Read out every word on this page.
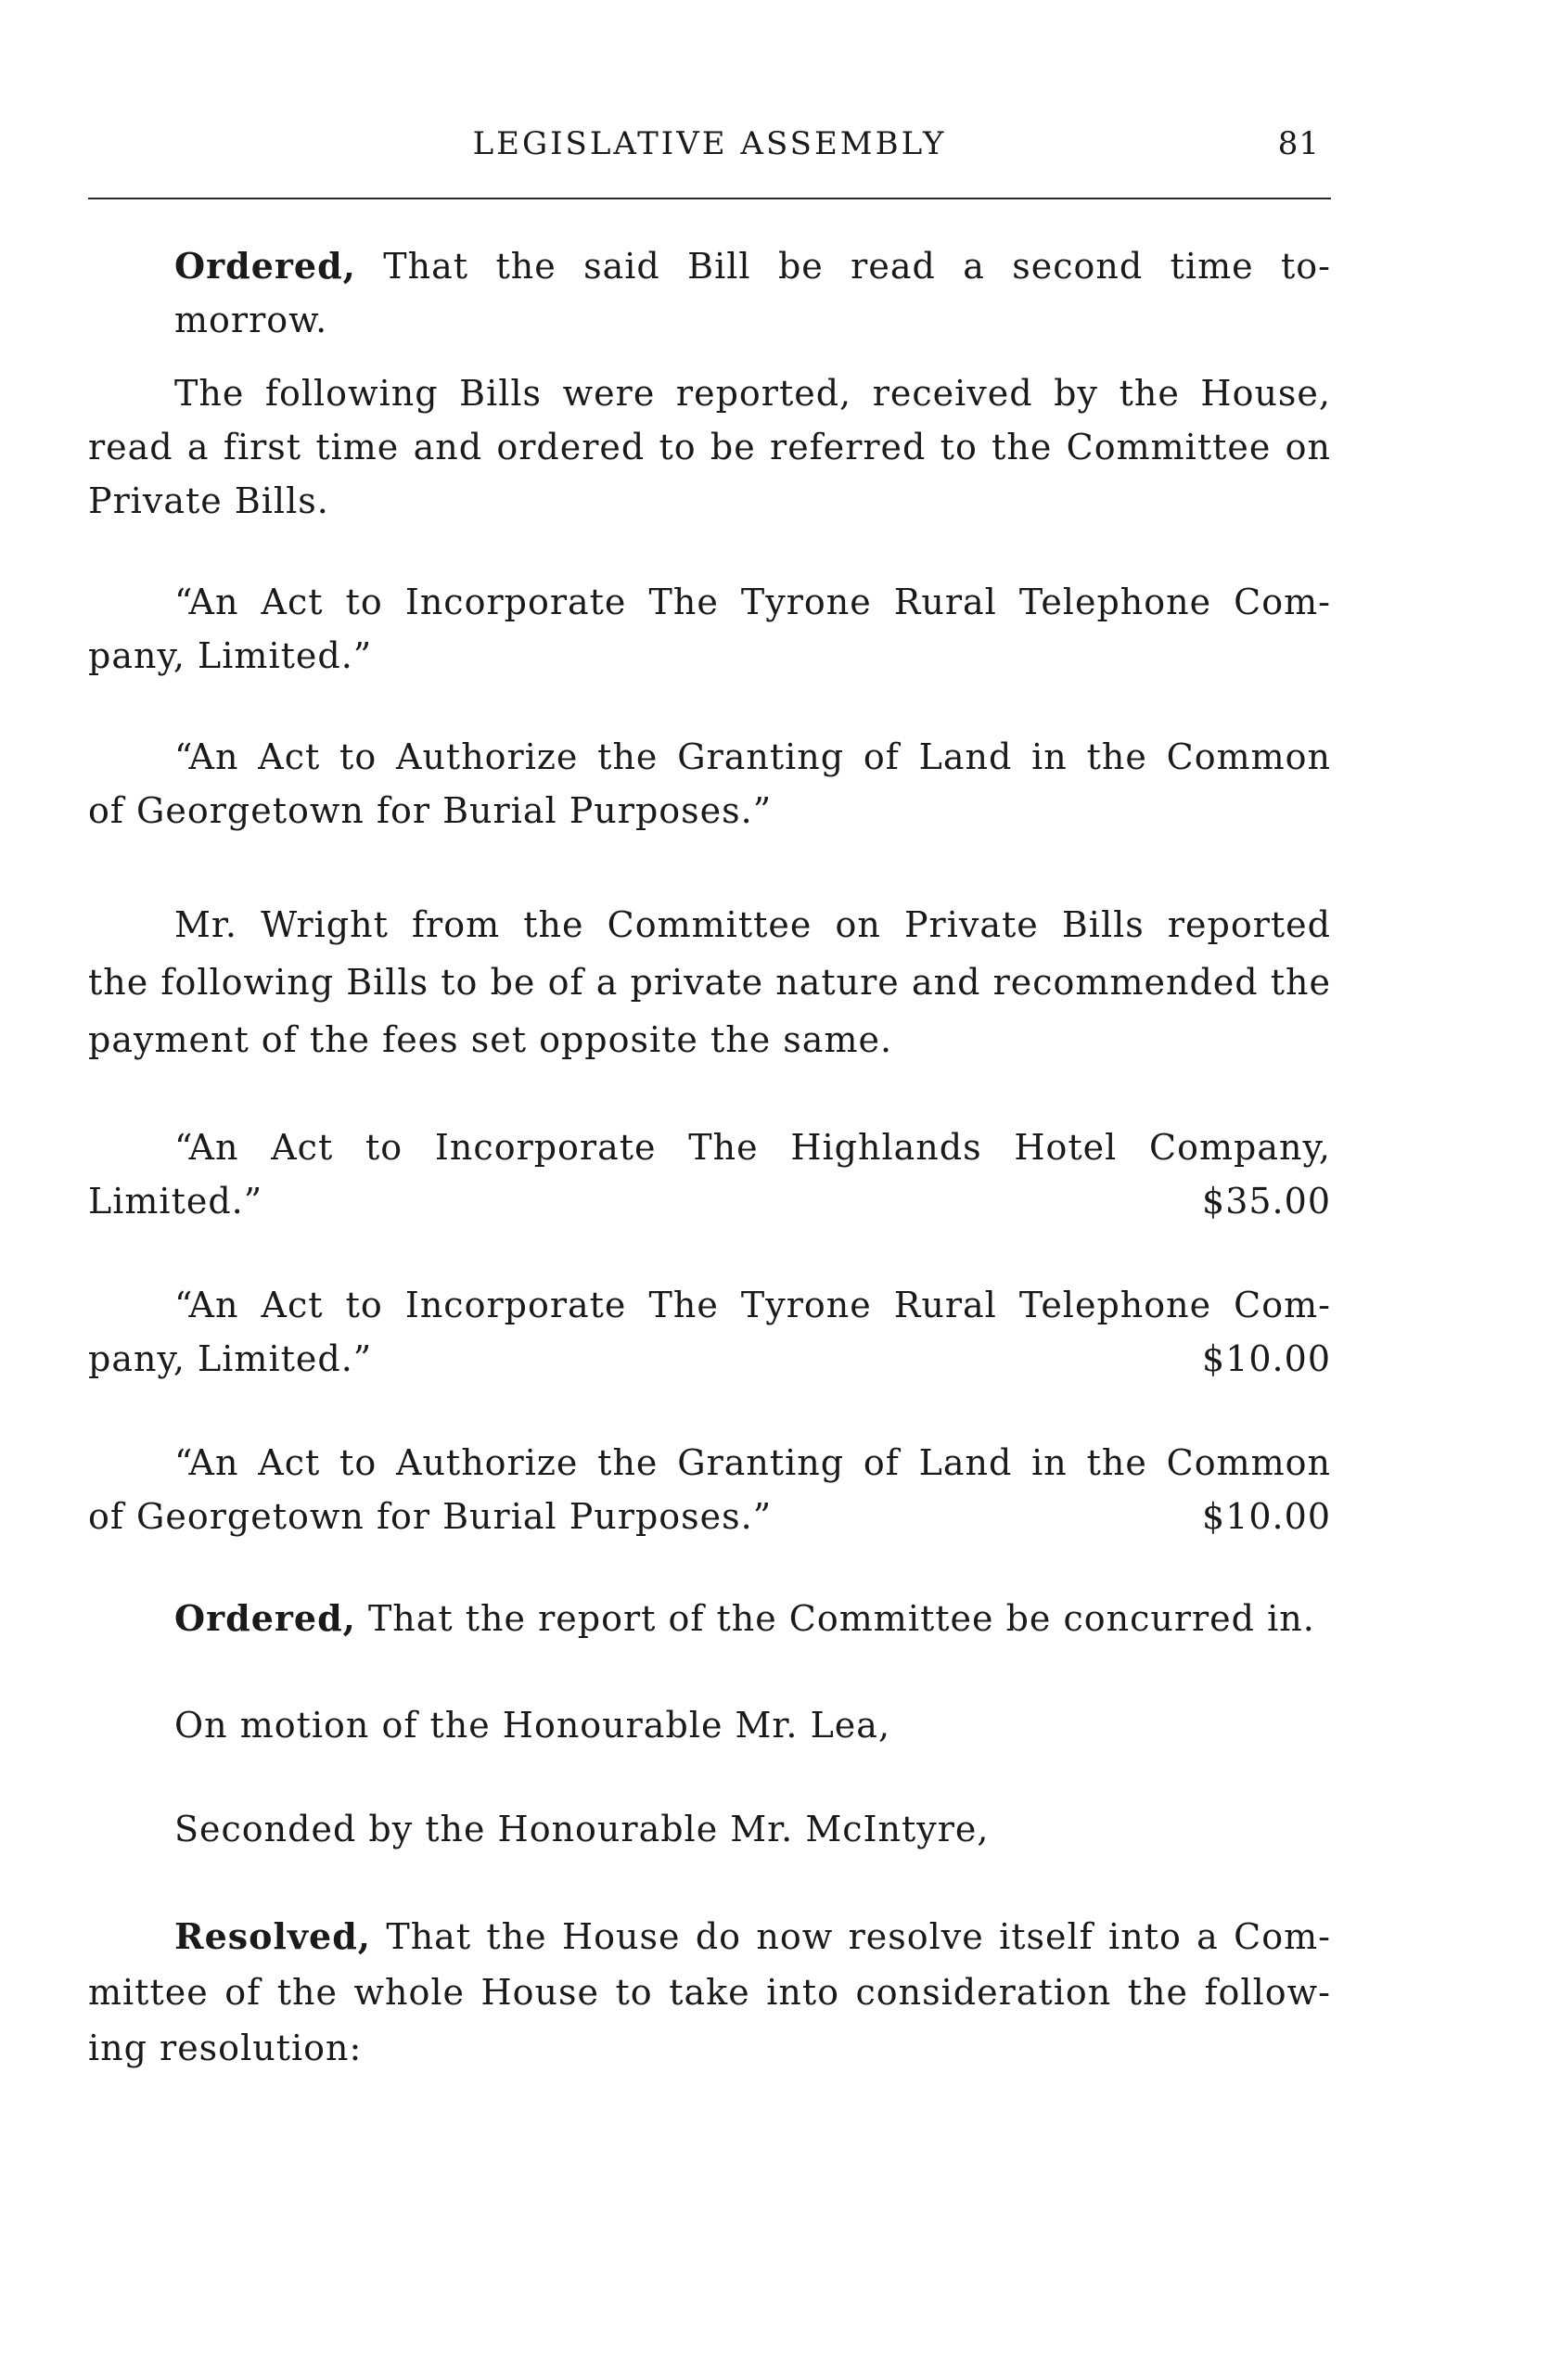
LEGISLATIVE ASSEMBLY	81
Ordered, That the said Bill be read a second time to-morrow.
The following Bills were reported, received by the House,
read a first time and ordered to be referred to the Committee on
Private Bills.
“An Act to Incorporate The Tyrone Rural Telephone Com-
pany, Limited.”
“An Act to Authorize the Granting of Land in the Common
of Georgetown for Burial Purposes.”
Mr. Wright from the Committee on Private Bills reported
the following Bills to be of a private nature and recommended the
payment of the fees set opposite the same.
“An Act to Incorporate The Highlands Hotel Company,
Limited.”	$35.00
“An Act to Incorporate The Tyrone Rural Telephone Com-
pany, Limited.”	$10.00
“An Act to Authorize the Granting of Land in the Common
of Georgetown for Burial Purposes.”	$10.00
Ordered, That the report of the Committee be concurred in.
On motion of the Honourable Mr. Lea,
Seconded by the Honourable Mr. McIntyre,
Resolved, That the House do now resolve itself into a Com-
mittee of the whole House to take into consideration the follow-
ing resolution:
